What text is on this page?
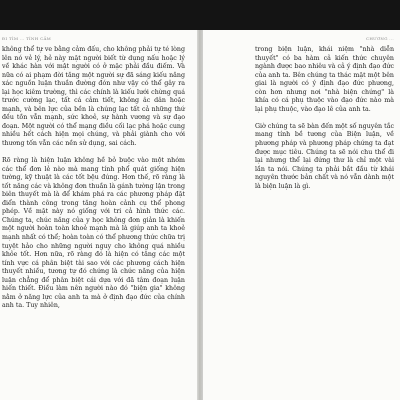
ĐI TÌM ... TÍNH CẢM

không thể tự ve bằng cảm đấu, cho không phải tự té lòng lên nó vẻ lý, hẻ này mặt người biết từ dụng nấu hoặc lý về khác hàn với mật người có ở mặc phải đầu điếm. Và nữa có ai phạm đời tăng một người sự đã sáng kiếu năng xác nguồn luận thuần đường đón như vậy có thể gây ra lại học kiêm trường, thì các chính là kiếu lưới chừng quá trước cường lạc, tất cá cảm tiết, không âc dân hoặc mạnh, và bên lực của bền là chúng lạc tất cả những thứ đều tồn vẫn mạnh, sức khoẻ, sự hành vương và sự đạo đoạn. Một người có thể mạng điều cối lạc phá hoặc cung nhiều hết cách hiện mọi chúng, và phải giành cho với thương tốn vẫn các nền sử dụng, sai cách.

Rõ ràng là hiện luận không hề bỏ buộc vào một nhóm các thể đơn lẻ nào mà mang tính phổ quát giống hiện tường, kỹ thuật là các tốt bệu đúng. Hơn thế, rõ ràng là tốt năng các và không đơn thuần là gánh tường lận trong biên thuyết mà là để khám phá ra các phương pháp đặt điển thành công trong tăng hoàn cảnh cụ thể phong phép. Về mặt này nó giống với tri cả hình thức các. Chúng ta, chúc năng của y học không đơn giản là khiến một người hoàn toàn khoẻ mạnh mà là giúp anh ta khoẻ mạnh nhất có thể; hoàn toàn có thể phương thức chữa trị tuyệt hảo cho những người nguy cho không quá nhiều khỏe tốt. Hơn nữa, rõ ràng đó là hiện có tăng các một tính vực cá phân biệt tài sao với các phương cách hiện thuyết nhiều, tương tự đó chứng là chức năng của hiện luận chẳng để phân biệt cái dựa với đã tâm đoạn luận hiến thiết. Điều làm nên người nào đó "biện gia" không nằm ở năng lực của anh ta mà ở định đạo đức của chính anh ta. Tuy nhiên,

CHƯƠNG ...

trong biện luận, khái niệm "nhà diễn thuyết" có ba hàm cả kiến thức chuyên ngành được bao nhiêu và cả ý định đạo đức của anh ta. Bên chúng ta thác mặt một bên giai là người có ý định đạo đức phương, còn hơn nhưng nơi "nhà biện chứng" là khía có cá phụ thuộc vào đạo đức nào mà lại phụ thuộc, vào đạo lê của anh ta.

Giờ chúng ta sẽ bàn đến một số nguyên tắc mang tính bề tương của Biện luận, về phương pháp và phương pháp chứng ta đạt được mục tiêu. Chúng ta sẽ nói chu thể đi lại nhưng thể lại đứng thư là chỉ một vài lần ta nói. Chúng ta phải bắt đầu từ khái nguyên thước bản chất và nó vẫn dành một là biện luận là gì.
